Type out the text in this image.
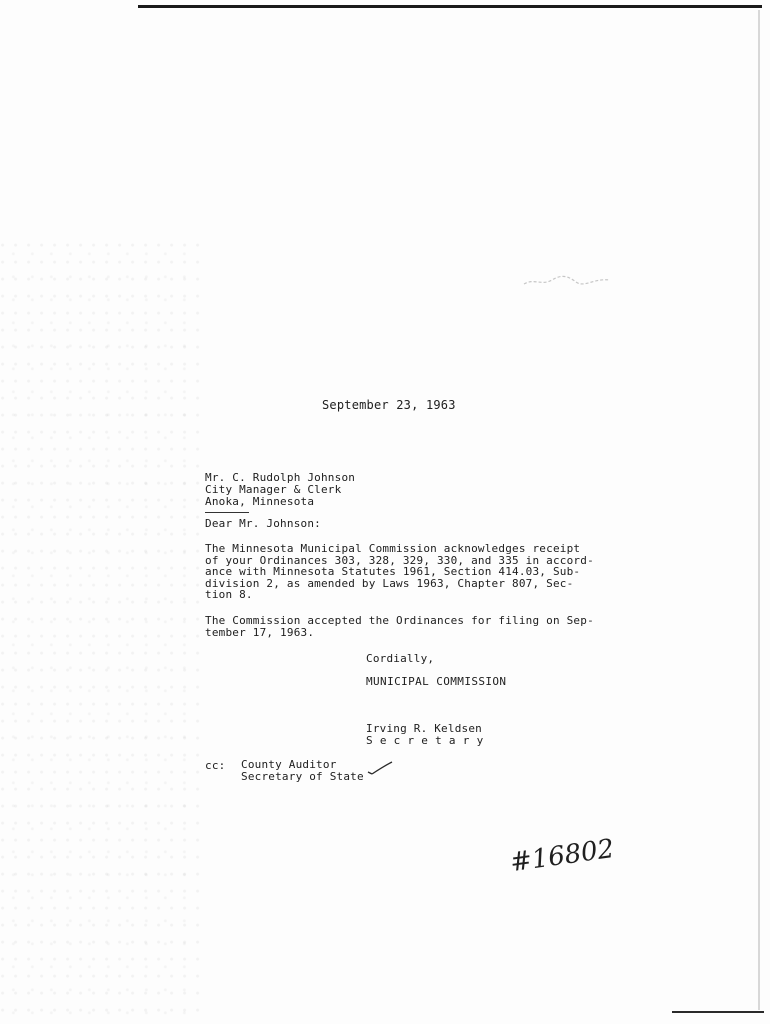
September 23, 1963
Mr. C. Rudolph Johnson
City Manager & Clerk
Anoka, Minnesota
Dear Mr. Johnson:
The Minnesota Municipal Commission acknowledges receipt
of your Ordinances 303, 328, 329, 330, and 335 in accord-
ance with Minnesota Statutes 1961, Section 414.03, Sub-
division 2, as amended by Laws 1963, Chapter 807, Sec-
tion 8.
The Commission accepted the Ordinances for filing on Sep-
tember 17, 1963.
Cordially,
MUNICIPAL COMMISSION
Irving R. Keldsen
Secretary
cc: County Auditor
Secretary of State
#16802
